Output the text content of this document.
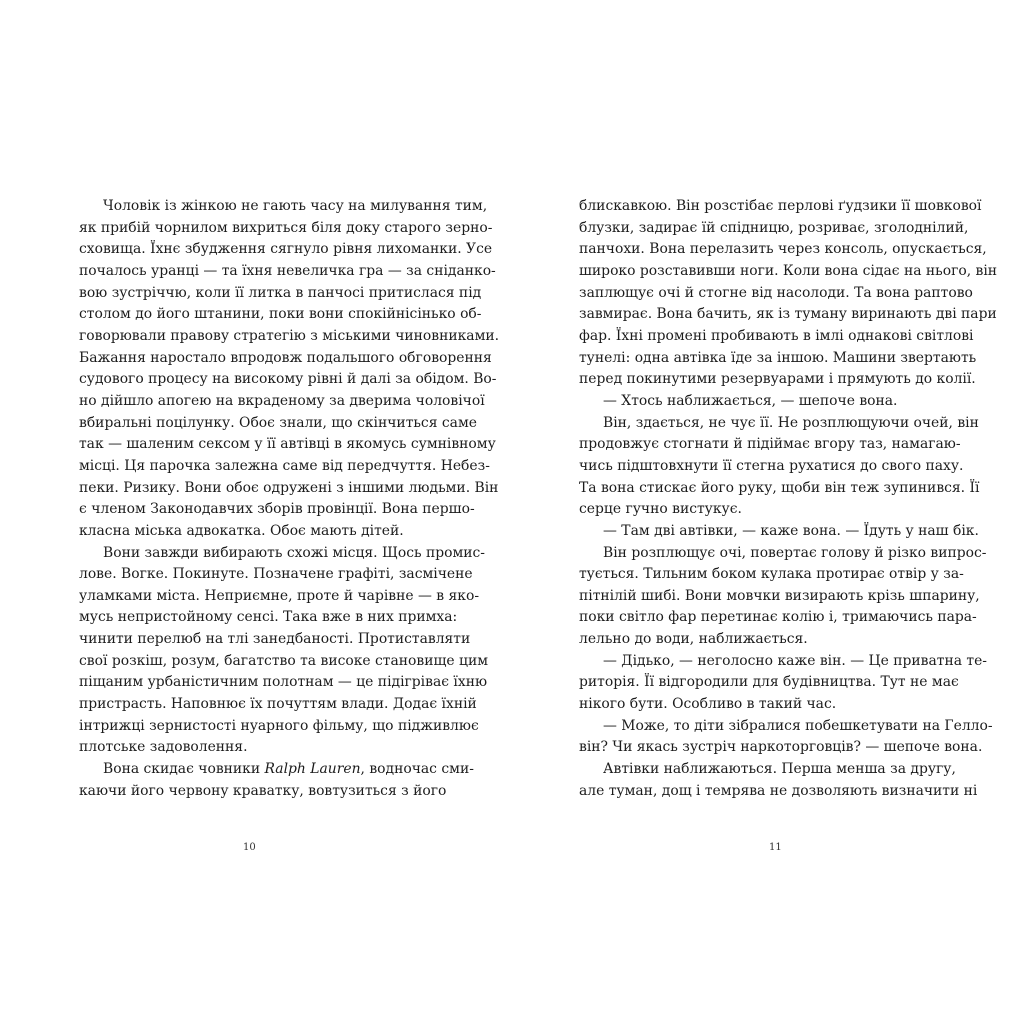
Чоловік із жінкою не гають часу на милування тим,
як прибій чорнилом вихриться біля доку старого зерно-
сховища. Їхнє збудження сягнуло рівня лихоманки. Усе
почалось уранці — та їхня невеличка гра — за сніданко-
вою зустріччю, коли її литка в панчосі притислася під
столом до його штанини, поки вони спокійнісінько об-
говорювали правову стратегію з міськими чиновниками.
Бажання наростало впродовж подальшого обговорення
судового процесу на високому рівні й далі за обідом. Во-
но дійшло апогею на вкраденому за дверима чоловічої
вбиральні поцілунку. Обоє знали, що скінчиться саме
так — шаленим сексом у її автівці в якомусь сумнівному
місці. Ця парочка залежна саме від передчуття. Небез-
пеки. Ризику. Вони обоє одружені з іншими людьми. Він
є членом Законодавчих зборів провінції. Вона першо-
класна міська адвокатка. Обоє мають дітей.
Вони завжди вибирають схожі місця. Щось промис-
лове. Вогке. Покинуте. Позначене графіті, засмічене
уламками міста. Неприємне, проте й чарівне — в яко-
мусь непристойному сенсі. Така вже в них примха:
чинити перелюб на тлі занедбаності. Протиставляти
свої розкіш, розум, багатство та високе становище цим
піщаним урбаністичним полотнам — це підігріває їхню
пристрасть. Наповнює їх почуттям влади. Додає їхній
інтрижці зернистості нуарного фільму, що підживлює
плотське задоволення.
Вона скидає човники Ralph Lauren, водночас сми-
каючи його червону краватку, вовтузиться з його
блискавкою. Він розстібає перлові ґудзики її шовкової
блузки, задирає їй спідницю, розриває, зголоднілий,
панчохи. Вона перелазить через консоль, опускається,
широко розставивши ноги. Коли вона сідає на нього, він
заплющує очі й стогне від насолоди. Та вона раптово
завмирає. Вона бачить, як із туману виринають дві пари
фар. Їхні промені пробивають в імлі однакові світлові
тунелі: одна автівка їде за іншою. Машини звертають
перед покинутими резервуарами і прямують до колії.
— Хтось наближається, — шепоче вона.
Він, здається, не чує її. Не розплющуючи очей, він
продовжує стогнати й підіймає вгору таз, намагаю-
чись підштовхнути її стегна рухатися до свого паху.
Та вона стискає його руку, щоби він теж зупинився. Її
серце гучно вистукує.
— Там дві автівки, — каже вона. — Їдуть у наш бік.
Він розплющує очі, повертає голову й різко випрос-
тується. Тильним боком кулака протирає отвір у за-
пітнілій шибі. Вони мовчки визирають крізь шпарину,
поки світло фар перетинає колію і, тримаючись пара-
лельно до води, наближається.
— Дідько, — неголосно каже він. — Це приватна те-
риторія. Її відгородили для будівництва. Тут не має
нікого бути. Особливо в такий час.
— Може, то діти зібралися побешкетувати на Гелло-
він? Чи якась зустріч наркоторговців? — шепоче вона.
Автівки наближаються. Перша менша за другу,
але туман, дощ і темрява не дозволяють визначити ні
10	11
